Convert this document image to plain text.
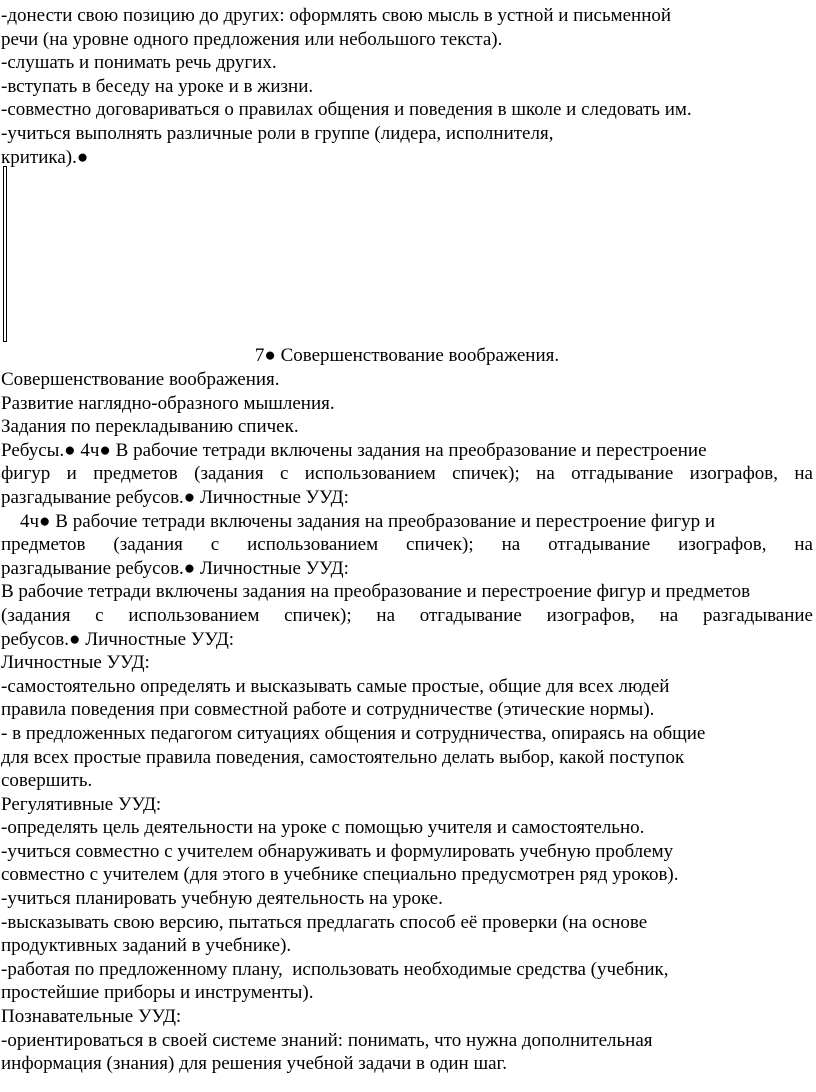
-донести свою позицию до других: оформлять свою мысль в устной и письменной
речи (на уровне одного предложения или небольшого текста).
-слушать и понимать речь других.
-вступать в беседу на уроке и в жизни.
-совместно договариваться о правилах общения и поведения в школе и следовать им.
-учиться выполнять различные роли в группе (лидера, исполнителя,
критика).●
7● Совершенствование воображения.
Совершенствование воображения.
Развитие наглядно-образного мышления.
Задания по перекладыванию спичек.
Ребусы.● 4ч● В рабочие тетради включены задания на преобразование и перестроение
фигур и предметов (задания с использованием спичек); на отгадывание изографов, на
разгадывание ребусов.● Личностные УУД:
4ч● В рабочие тетради включены задания на преобразование и перестроение фигур и
предметов (задания с использованием спичек); на отгадывание изографов, на
разгадывание ребусов.● Личностные УУД:
В рабочие тетради включены задания на преобразование и перестроение фигур и предметов
(задания с использованием спичек); на отгадывание изографов, на разгадывание
ребусов.● Личностные УУД:
Личностные УУД:
-самостоятельно определять и высказывать самые простые, общие для всех людей
правила поведения при совместной работе и сотрудничестве (этические нормы).
- в предложенных педагогом ситуациях общения и сотрудничества, опираясь на общие
для всех простые правила поведения, самостоятельно делать выбор, какой поступок
совершить.
Регулятивные УУД:
-определять цель деятельности на уроке с помощью учителя и самостоятельно.
-учиться совместно с учителем обнаруживать и формулировать учебную проблему
совместно с учителем (для этого в учебнике специально предусмотрен ряд уроков).
-учиться планировать учебную деятельность на уроке.
-высказывать свою версию, пытаться предлагать способ её проверки (на основе
продуктивных заданий в учебнике).
-работая по предложенному плану,  использовать необходимые средства (учебник,
простейшие приборы и инструменты).
Познавательные УУД:
-ориентироваться в своей системе знаний: понимать, что нужна дополнительная
информация (знания) для решения учебной задачи в один шаг.
